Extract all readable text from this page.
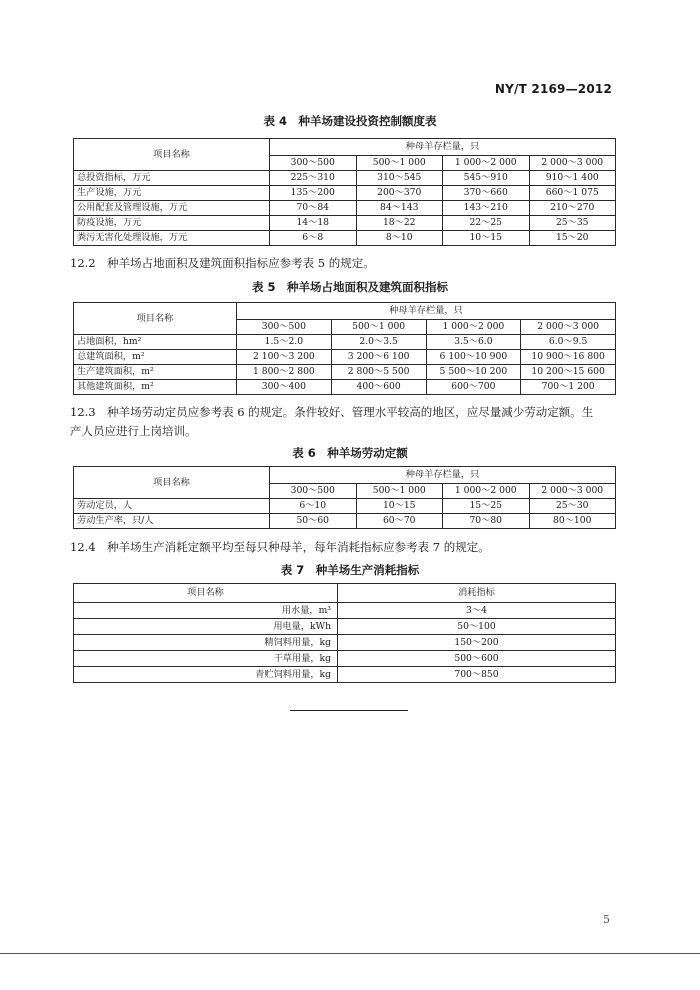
NY/T 2169—2012
表 4　种羊场建设投资控制额度表
项目名称	种母羊存栏量，只			
	300～500	500～1 000	1 000～2 000	2 000～3 000
总投资指标，万元	225～310	310～545	545～910	910～1 400
生产设施，万元	135～200	200～370	370～660	660～1 075
公用配套及管理设施，万元	70～84	84～143	143～210	210～270
防疫设施，万元	14～18	18～22	22～25	25～35
粪污无害化处理设施，万元	6～8	8～10	10～15	15～20
12.2　种羊场占地面积及建筑面积指标应参考表 5 的规定。
表 5　种羊场占地面积及建筑面积指标
项目名称	种母羊存栏量，只			
	300～500	500～1 000	1 000～2 000	2 000～3 000
占地面积，hm²	1.5～2.0	2.0～3.5	3.5～6.0	6.0～9.5
总建筑面积，m²	2 100～3 200	3 200～6 100	6 100～10 900	10 900～16 800
生产建筑面积，m²	1 800～2 800	2 800～5 500	5 500～10 200	10 200～15 600
其他建筑面积，m²	300～400	400～600	600～700	700～1 200
12.3　种羊场劳动定员应参考表 6 的规定。条件较好、管理水平较高的地区，应尽量减少劳动定额。生
产人员应进行上岗培训。
表 6　种羊场劳动定额
项目名称	种母羊存栏量，只			
	300～500	500～1 000	1 000～2 000	2 000～3 000
劳动定员，人	6～10	10～15	15～25	25～30
劳动生产率，只/人	50～60	60～70	70～80	80～100
12.4　种羊场生产消耗定额平均至每只种母羊，每年消耗指标应参考表 7 的规定。
表 7　种羊场生产消耗指标
项目名称	消耗指标
用水量，m³	3～4
用电量，kWh	50～100
精饲料用量，kg	150～200
干草用量，kg	500～600
青贮饲料用量，kg	700～850
5
